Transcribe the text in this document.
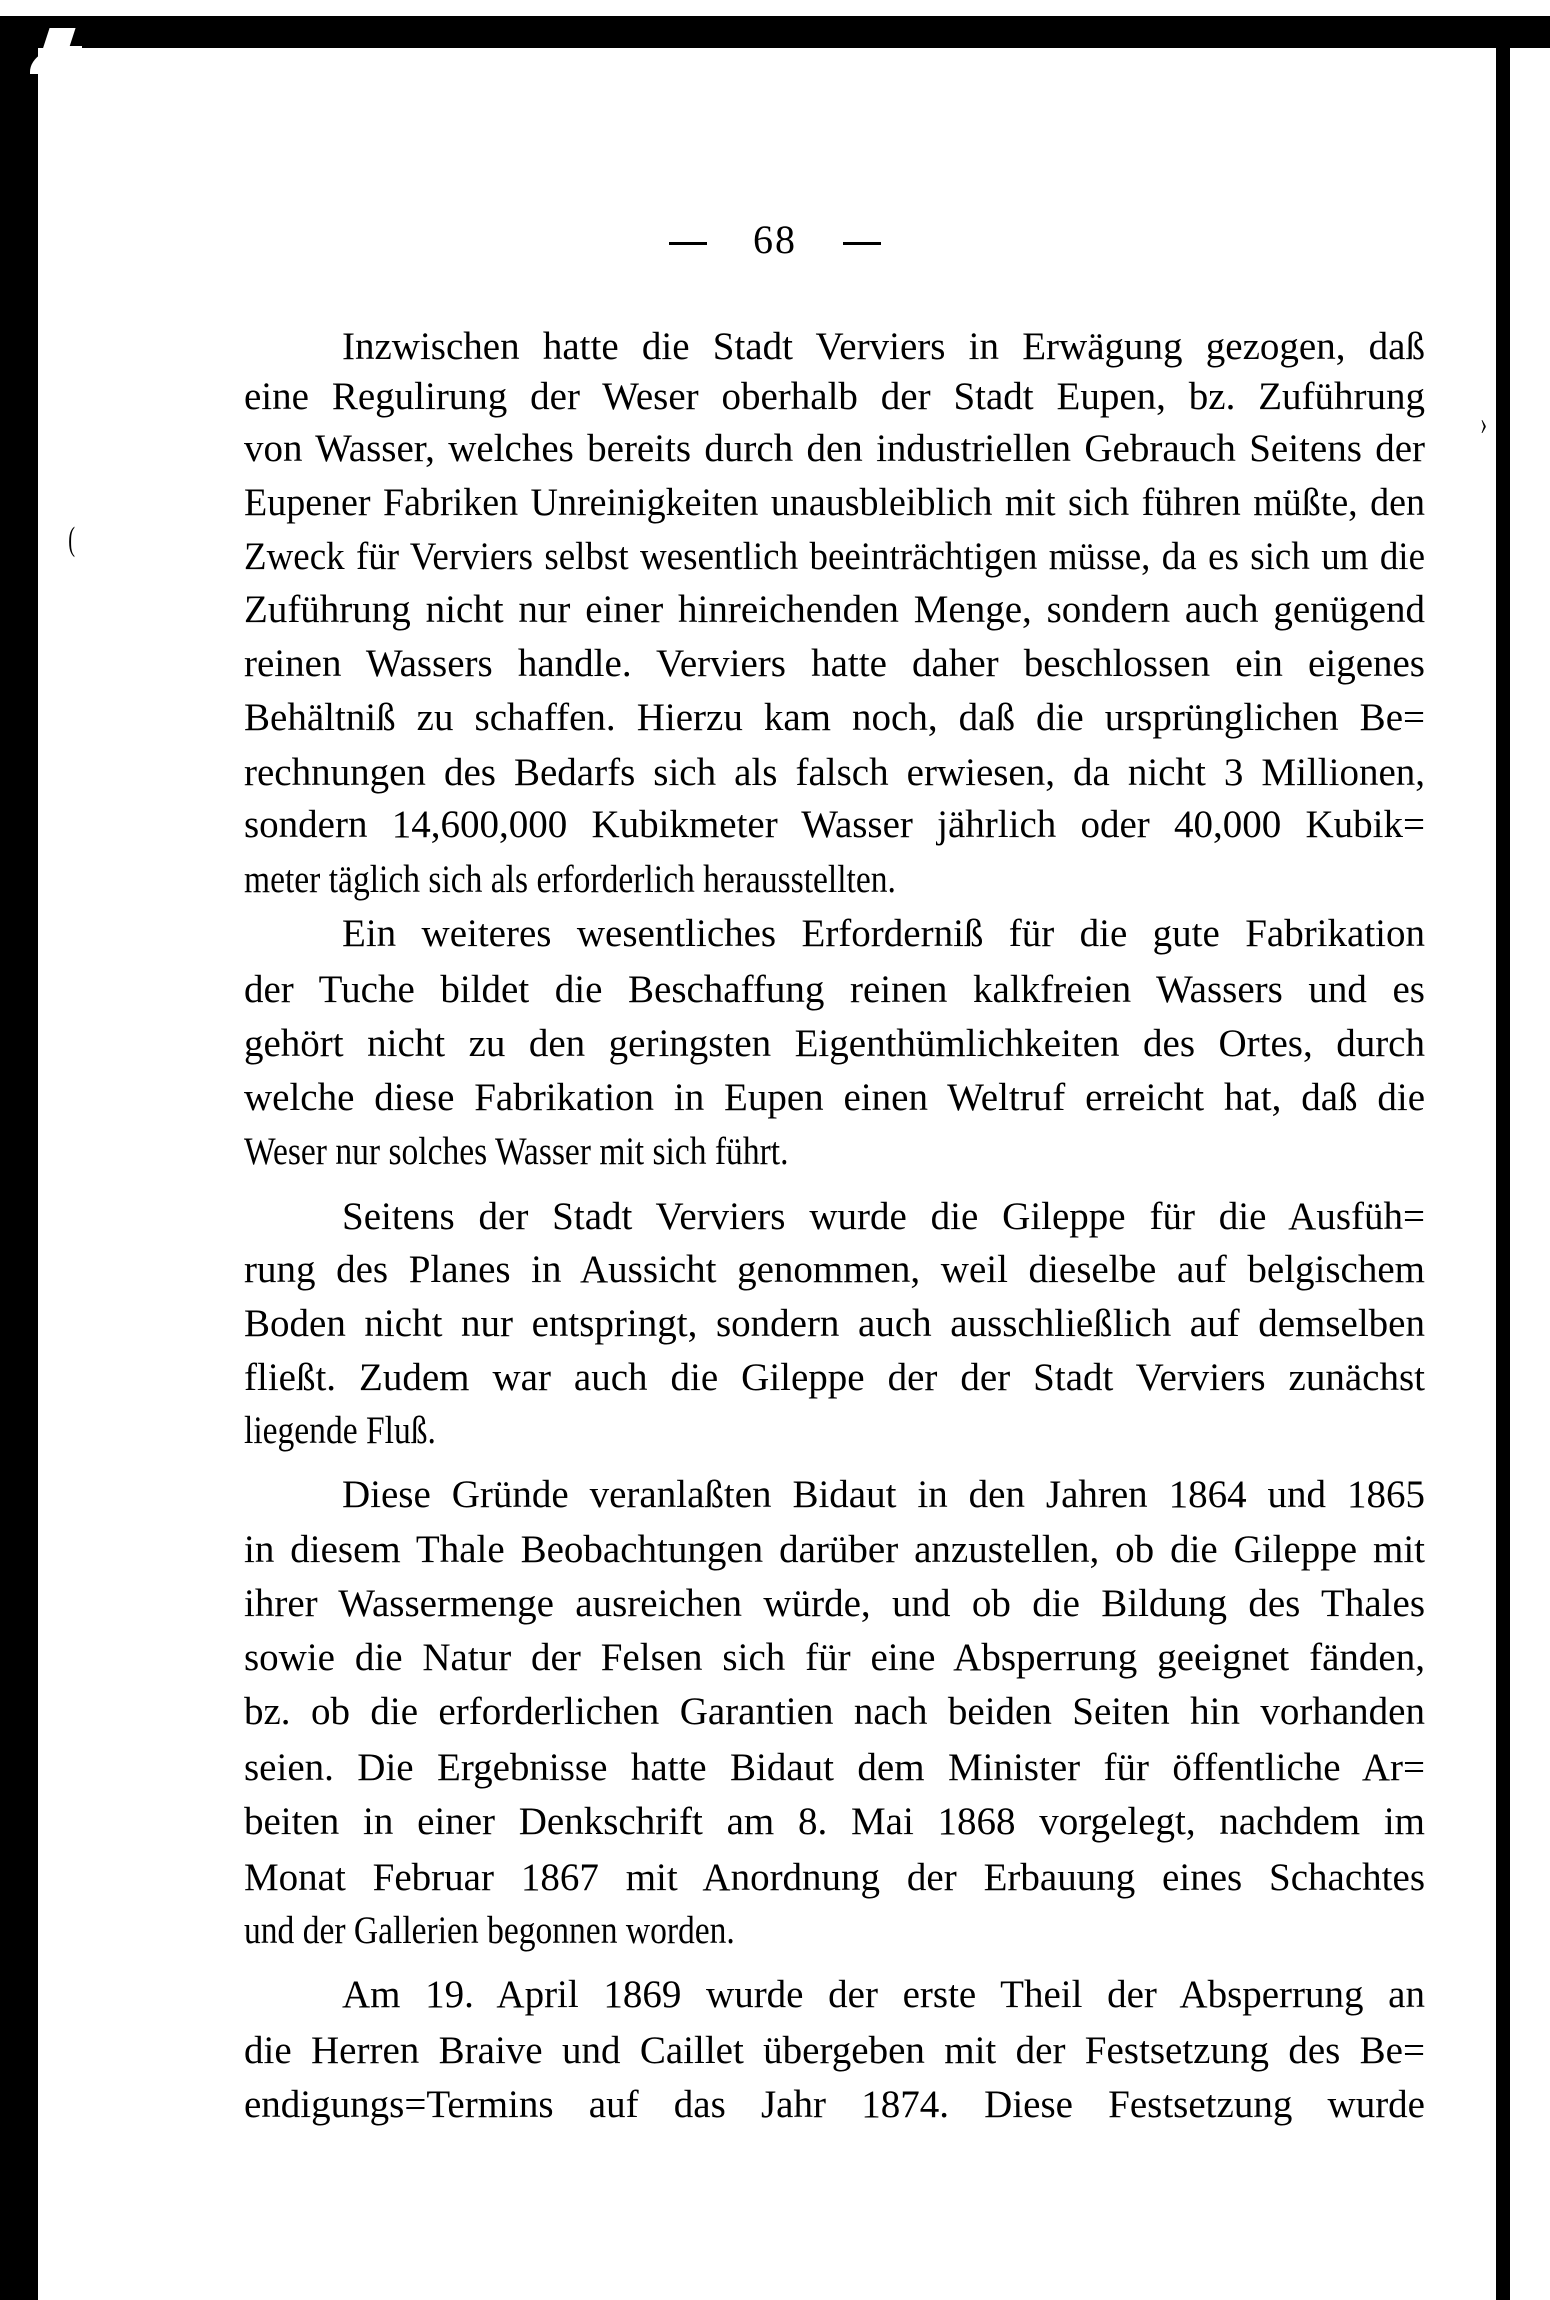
68
Inzwischen hatte die Stadt Verviers in Erwägung gezogen, daß
eine Regulirung der Weser oberhalb der Stadt Eupen, bz. Zuführung
von Wasser, welches bereits durch den industriellen Gebrauch Seitens der
Eupener Fabriken Unreinigkeiten unausbleiblich mit sich führen müßte, den
Zweck für Verviers selbst wesentlich beeinträchtigen müsse, da es sich um die
Zuführung nicht nur einer hinreichenden Menge, sondern auch genügend
reinen Wassers handle. Verviers hatte daher beschlossen ein eigenes
Behältniß zu schaffen. Hierzu kam noch, daß die ursprünglichen Be=
rechnungen des Bedarfs sich als falsch erwiesen, da nicht 3 Millionen,
sondern 14,600,000 Kubikmeter Wasser jährlich oder 40,000 Kubik=
meter täglich sich als erforderlich herausstellten.
Ein weiteres wesentliches Erforderniß für die gute Fabrikation
der Tuche bildet die Beschaffung reinen kalkfreien Wassers und es
gehört nicht zu den geringsten Eigenthümlichkeiten des Ortes, durch
welche diese Fabrikation in Eupen einen Weltruf erreicht hat, daß die
Weser nur solches Wasser mit sich führt.
Seitens der Stadt Verviers wurde die Gileppe für die Ausfüh=
rung des Planes in Aussicht genommen, weil dieselbe auf belgischem
Boden nicht nur entspringt, sondern auch ausschließlich auf demselben
fließt. Zudem war auch die Gileppe der der Stadt Verviers zunächst
liegende Fluß.
Diese Gründe veranlaßten Bidaut in den Jahren 1864 und 1865
in diesem Thale Beobachtungen darüber anzustellen, ob die Gileppe mit
ihrer Wassermenge ausreichen würde, und ob die Bildung des Thales
sowie die Natur der Felsen sich für eine Absperrung geeignet fänden,
bz. ob die erforderlichen Garantien nach beiden Seiten hin vorhanden
seien. Die Ergebnisse hatte Bidaut dem Minister für öffentliche Ar=
beiten in einer Denkschrift am 8. Mai 1868 vorgelegt, nachdem im
Monat Februar 1867 mit Anordnung der Erbauung eines Schachtes
und der Gallerien begonnen worden.
Am 19. April 1869 wurde der erste Theil der Absperrung an
die Herren Braive und Caillet übergeben mit der Festsetzung des Be=
endigungs=Termins auf das Jahr 1874. Diese Festsetzung wurde
(
›
